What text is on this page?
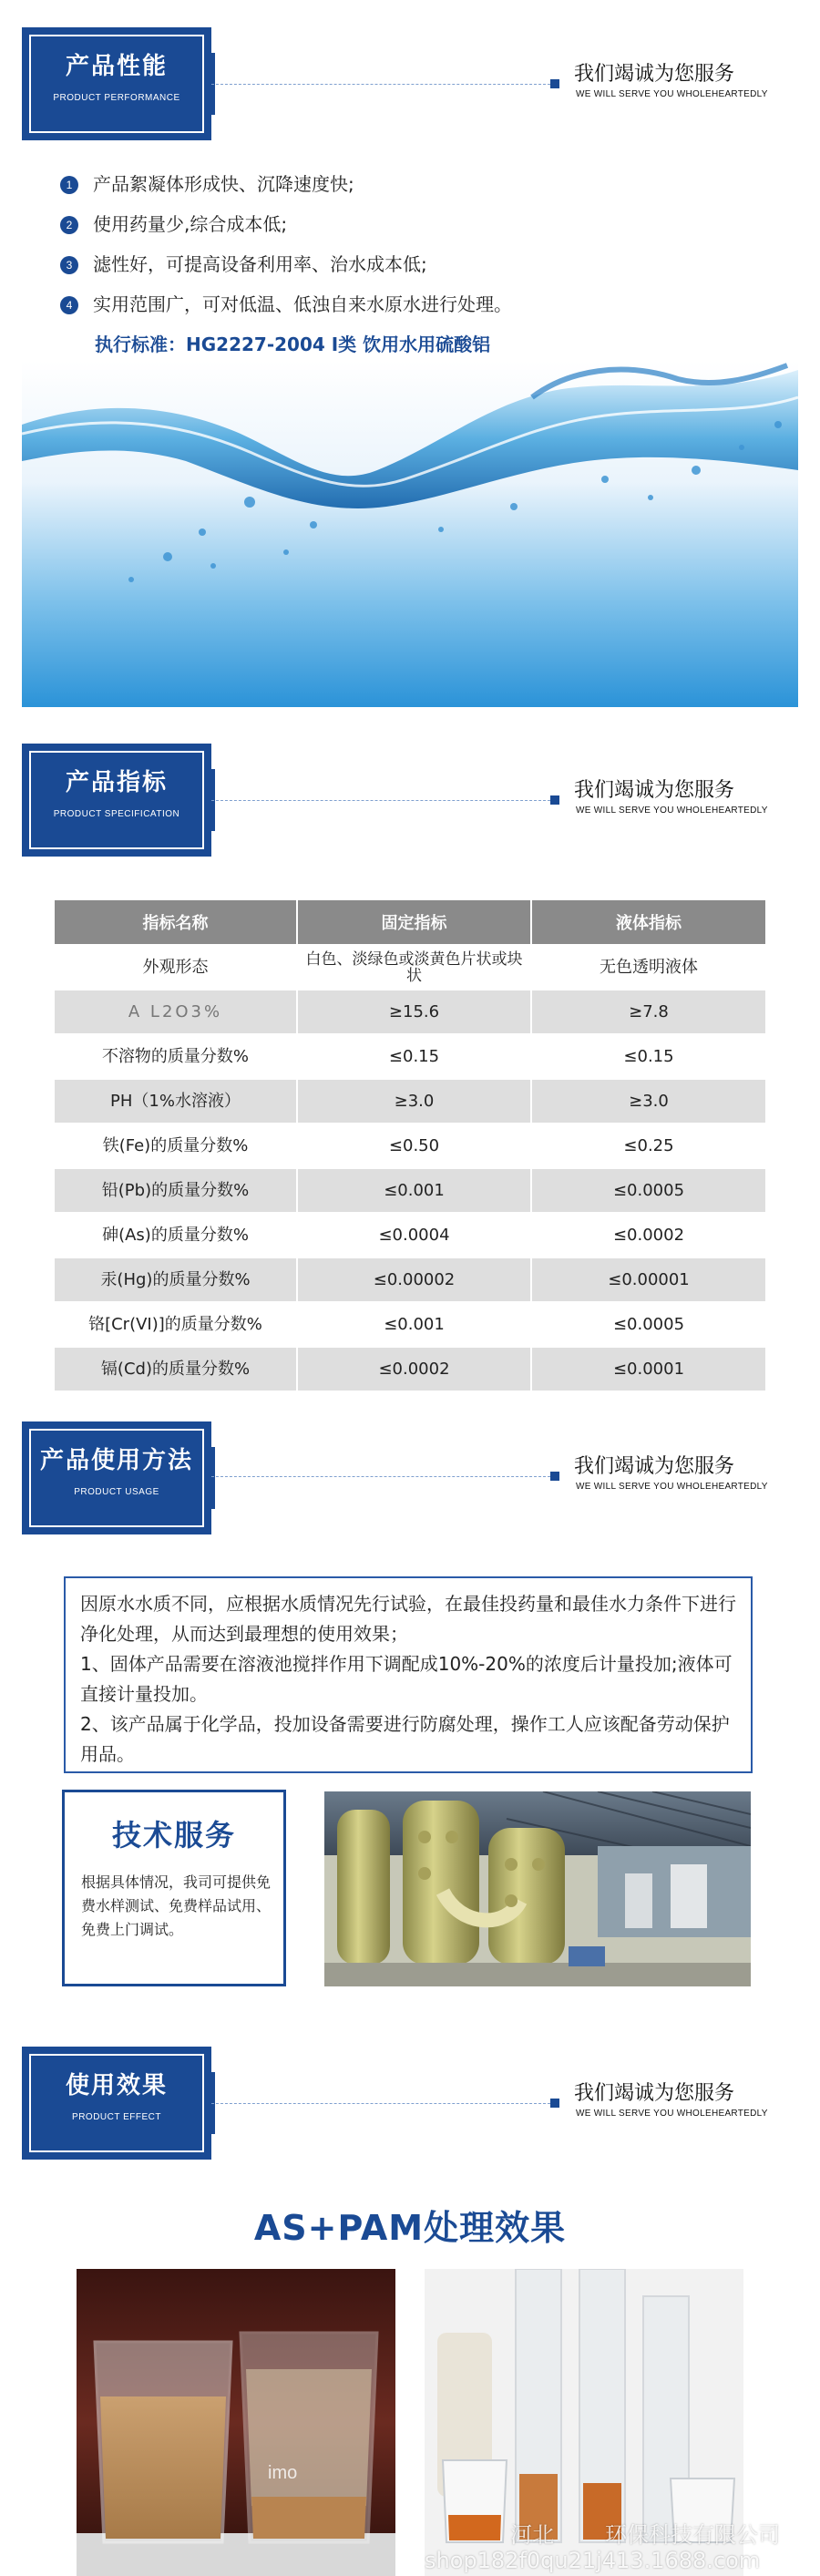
产品性能
PRODUCT PERFORMANCE
我们竭诚为您服务
WE WILL SERVE YOU WHOLEHEARTEDLY
1 产品絮凝体形成快、沉降速度快;
2 使用药量少,综合成本低;
3 滤性好，可提高设备利用率、治水成本低;
4 实用范围广，可对低温、低浊自来水原水进行处理。
执行标准：HG2227-2004 I类 饮用水用硫酸铝
产品指标
PRODUCT SPECIFICATION
我们竭诚为您服务
WE WILL SERVE YOU WHOLEHEARTEDLY
指标名称	固定指标	液体指标
外观形态	白色、淡绿色或淡黄色片状或块状	无色透明液体
A L2O3%	≥15.6	≥7.8
不溶物的质量分数%	≤0.15	≤0.15
PH（1%水溶液）	≥3.0	≥3.0
铁(Fe)的质量分数%	≤0.50	≤0.25
铅(Pb)的质量分数%	≤0.001	≤0.0005
砷(As)的质量分数%	≤0.0004	≤0.0002
汞(Hg)的质量分数%	≤0.00002	≤0.00001
铬[Cr(VI)]的质量分数%	≤0.001	≤0.0005
镉(Cd)的质量分数%	≤0.0002	≤0.0001
产品使用方法
PRODUCT USAGE
我们竭诚为您服务
WE WILL SERVE YOU WHOLEHEARTEDLY
因原水水质不同，应根据水质情况先行试验，在最佳投药量和最佳水力条件下进行净化处理，从而达到最理想的使用效果；
1、固体产品需要在溶液池搅拌作用下调配成10%-20%的浓度后计量投加;液体可直接计量投加。
2、该产品属于化学品，投加设备需要进行防腐处理，操作工人应该配备劳动保护用品。
技术服务
根据具体情况，我司可提供免费水样测试、免费样品试用、免费上门调试。
使用效果
PRODUCT EFFECT
我们竭诚为您服务
WE WILL SERVE YOU WHOLEHEARTEDLY
AS+PAM处理效果
imo
河北 环保科技有限公司
shop182f0qu21j413.1688.com
